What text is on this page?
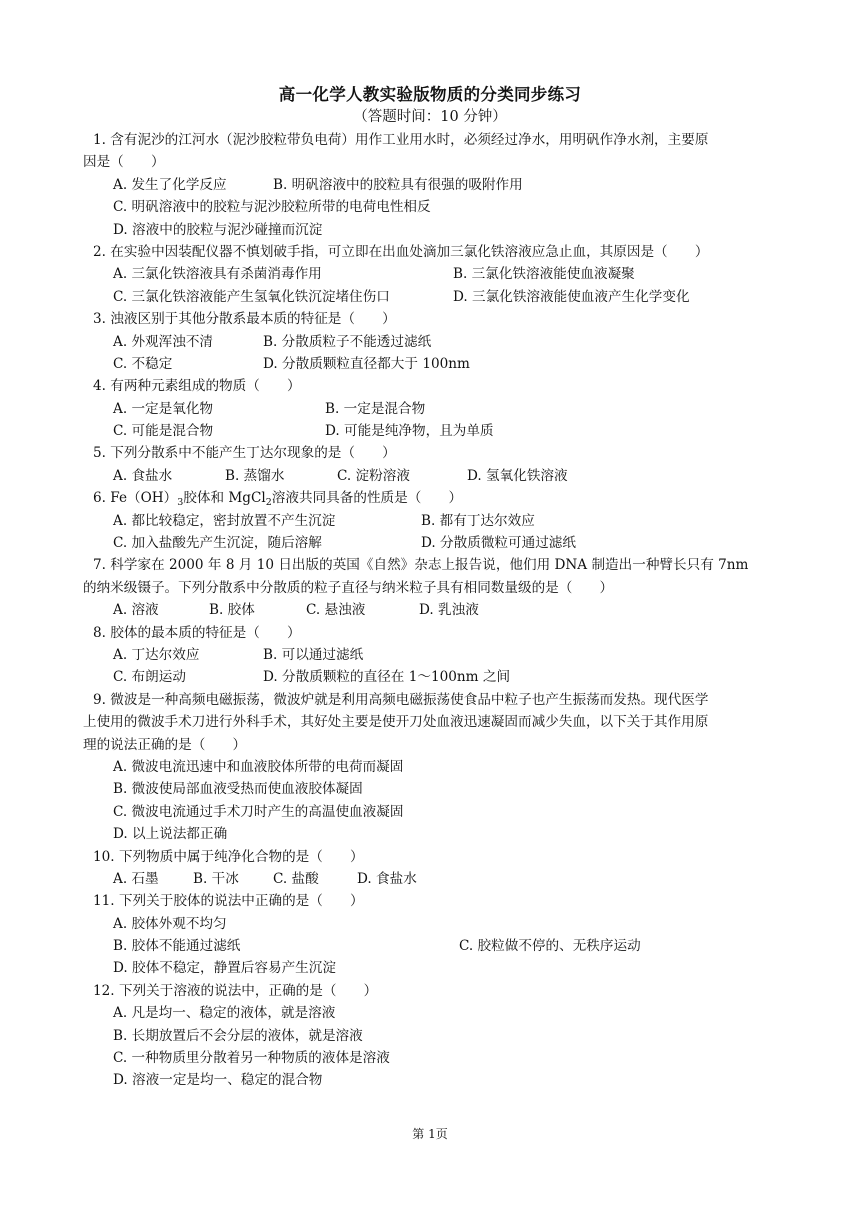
高一化学人教实验版物质的分类同步练习
（答题时间：10 分钟）
1. 含有泥沙的江河水（泥沙胶粒带负电荷）用作工业用水时，必须经过净水，用明矾作净水剂，主要原
因是（　　）
A. 发生了化学反应	B. 明矾溶液中的胶粒具有很强的吸附作用
C. 明矾溶液中的胶粒与泥沙胶粒所带的电荷电性相反
D. 溶液中的胶粒与泥沙碰撞而沉淀
2. 在实验中因装配仪器不慎划破手指，可立即在出血处滴加三氯化铁溶液应急止血，其原因是（　　）
A. 三氯化铁溶液具有杀菌消毒作用	B. 三氯化铁溶液能使血液凝聚
C. 三氯化铁溶液能产生氢氧化铁沉淀堵住伤口	D. 三氯化铁溶液能使血液产生化学变化
3. 浊液区别于其他分散系最本质的特征是（　　）
A. 外观浑浊不清	B. 分散质粒子不能透过滤纸
C. 不稳定	D. 分散质颗粒直径都大于 100nm
4. 有两种元素组成的物质（　　）
A. 一定是氧化物	B. 一定是混合物
C. 可能是混合物	D. 可能是纯净物，且为单质
5. 下列分散系中不能产生丁达尔现象的是（　　）
A. 食盐水	B. 蒸馏水	C. 淀粉溶液	D. 氢氧化铁溶液
6. $Fe(OH)_3$胶体和 MgCl$_2$溶液共同具备的性质是（　　）
A. 都比较稳定，密封放置不产生沉淀	B. 都有丁达尔效应
C. 加入盐酸先产生沉淀，随后溶解	D. 分散质微粒可通过滤纸
7. 科学家在 2000 年 8 月 10 日出版的英国《自然》杂志上报告说，他们用 DNA 制造出一种臂长只有 7nm
的纳米级镊子。下列分散系中分散质的粒子直径与纳米粒子具有相同数量级的是（　　）
A. 溶液	B. 胶体	C. 悬浊液	D. 乳浊液
8. 胶体的最本质的特征是（　　）
A. 丁达尔效应	B. 可以通过滤纸
C. 布朗运动	D. 分散质颗粒的直径在 1～100nm 之间
9. 微波是一种高频电磁振荡，微波炉就是利用高频电磁振荡使食品中粒子也产生振荡而发热。现代医学
上使用的微波手术刀进行外科手术，其好处主要是使开刀处血液迅速凝固而减少失血，以下关于其作用原
理的说法正确的是（　　）
A. 微波电流迅速中和血液胶体所带的电荷而凝固
B. 微波使局部血液受热而使血液胶体凝固
C. 微波电流通过手术刀时产生的高温使血液凝固
D. 以上说法都正确
10. 下列物质中属于纯净化合物的是（　　）
A. 石墨	B. 干冰	C. 盐酸	D. 食盐水
11. 下列关于胶体的说法中正确的是（　　）
A. 胶体外观不均匀
B. 胶体不能通过滤纸	C. 胶粒做不停的、无秩序运动
D. 胶体不稳定，静置后容易产生沉淀
12. 下列关于溶液的说法中，正确的是（　　）
A. 凡是均一、稳定的液体，就是溶液
B. 长期放置后不会分层的液体，就是溶液
C. 一种物质里分散着另一种物质的液体是溶液
D. 溶液一定是均一、稳定的混合物
第 1页
